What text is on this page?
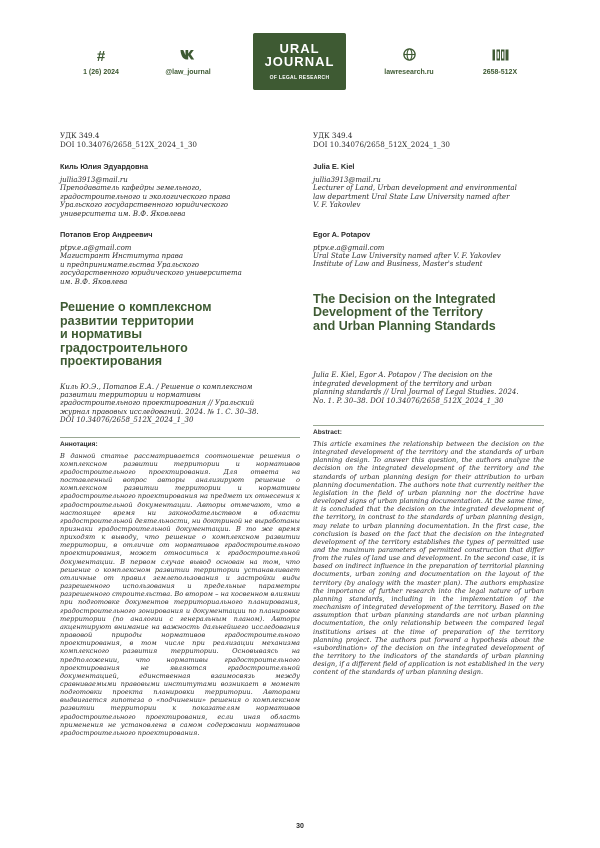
#
1 (26) 2024	@law_journal
URAL
JOURNAL
OF LEGAL RESEARCH
lawresearch.ru	2658-512X
УДК 349.4
DOI 10.34076/2658_512X_2024_1_30
Киль Юлия Эдуардовна
jullia3913@mail.ru
Преподаватель кафедры земельного,
градостроительного и экологического права
Уральского государственного юридического
университета им. В.Ф. Яковлева
Потапов Егор Андреевич
ptpv.e.a@gmail.com
Магистрант Института права
и предпринимательства Уральского
государственного юридического университета
им. В.Ф. Яковлева
Решение о комплексном
развитии территории
и нормативы
градостроительного
проектирования
Киль Ю.Э., Потапов Е.А. / Решение о комплексном
развитии территории и нормативы
градостроительного проектирования // Уральский
журнал правовых исследований. 2024. № 1. С. 30–38.
DOI 10.34076/2658_512X_2024_1_30
Аннотация:
В данной статье рассматривается соотношение решения о комплексном развитии территории и нормативов градостроительного проектирования. Для ответа на поставленный вопрос авторы анализируют решение о комплексном развитии территории и нормативы градостроительного проектирования на предмет их отнесения к градостроительной документации. Авторы отмечают, что в настоящее время ни законодательством в области градостроительной деятельности, ни доктриной не выработаны признаки градостроительной документации. В то же время приходят к выводу, что решение о комплексном развитии территории, в отличие от нормативов градостроительного проектирования, может относиться к градостроительной документации. В первом случае вывод основан на том, что решение о комплексном развитии территории устанавливает отличные от правил землепользования и застройки виды разрешенного использования и предельные параметры разрешенного строительства. Во втором – на косвенном влиянии при подготовке документов территориального планирования, градостроительного зонирования и документации по планировке территории (по аналогии с генеральным планом). Авторы акцентируют внимание на важность дальнейшего исследования правовой природы нормативов градостроительного проектирования, в том числе при реализации механизма комплексного развития территории. Основываясь на предположении, что нормативы градостроительного проектирования не являются градостроительной документацией, единственная взаимосвязь между сравниваемыми правовыми институтами возникает в момент подготовки проекта планировки территории. Авторами выдвигается гипотеза о «подчинении» решения о комплексном развитии территории к показателям нормативов градостроительного проектирования, если иная область применения не установлена в самом содержании нормативов градостроительного проектирования.
УДК 349.4
DOI 10.34076/2658_512X_2024_1_30
Julia E. Kiel
jullia3913@mail.ru
Lecturer of Land, Urban development and environmental
law department Ural State Law University named after
V. F. Yakovlev
Egor A. Potapov
ptpv.e.a@gmail.com
Ural State Law University named after V. F. Yakovlev
Institute of Law and Business, Master's student
The Decision on the Integrated
Development of the Territory
and Urban Planning Standards
Julia E. Kiel, Egor A. Potapov / The decision on the
integrated development of the territory and urban
planning standards // Ural Journal of Legal Studies. 2024.
No. 1. P. 30–38. DOI 10.34076/2658_512X_2024_1_30
Abstract:
This article examines the relationship between the decision on the integrated development of the territory and the standards of urban planning design. To answer this question, the authors analyze the decision on the integrated development of the territory and the standards of urban planning design for their attribution to urban planning documentation. The authors note that currently neither the legislation in the field of urban planning nor the doctrine have developed signs of urban planning documentation. At the same time, it is concluded that the decision on the integrated development of the territory, in contrast to the standards of urban planning design, may relate to urban planning documentation. In the first case, the conclusion is based on the fact that the decision on the integrated development of the territory establishes the types of permitted use and the maximum parameters of permitted construction that differ from the rules of land use and development. In the second case, it is based on indirect influence in the preparation of territorial planning documents, urban zoning and documentation on the layout of the territory (by analogy with the master plan). The authors emphasize the importance of further research into the legal nature of urban planning standards, including in the implementation of the mechanism of integrated development of the territory. Based on the assumption that urban planning standards are not urban planning documentation, the only relationship between the compared legal institutions arises at the time of preparation of the territory planning project. The authors put forward a hypothesis about the «subordination» of the decision on the integrated development of the territory to the indicators of the standards of urban planning design, if a different field of application is not established in the very content of the standards of urban planning design.
30
